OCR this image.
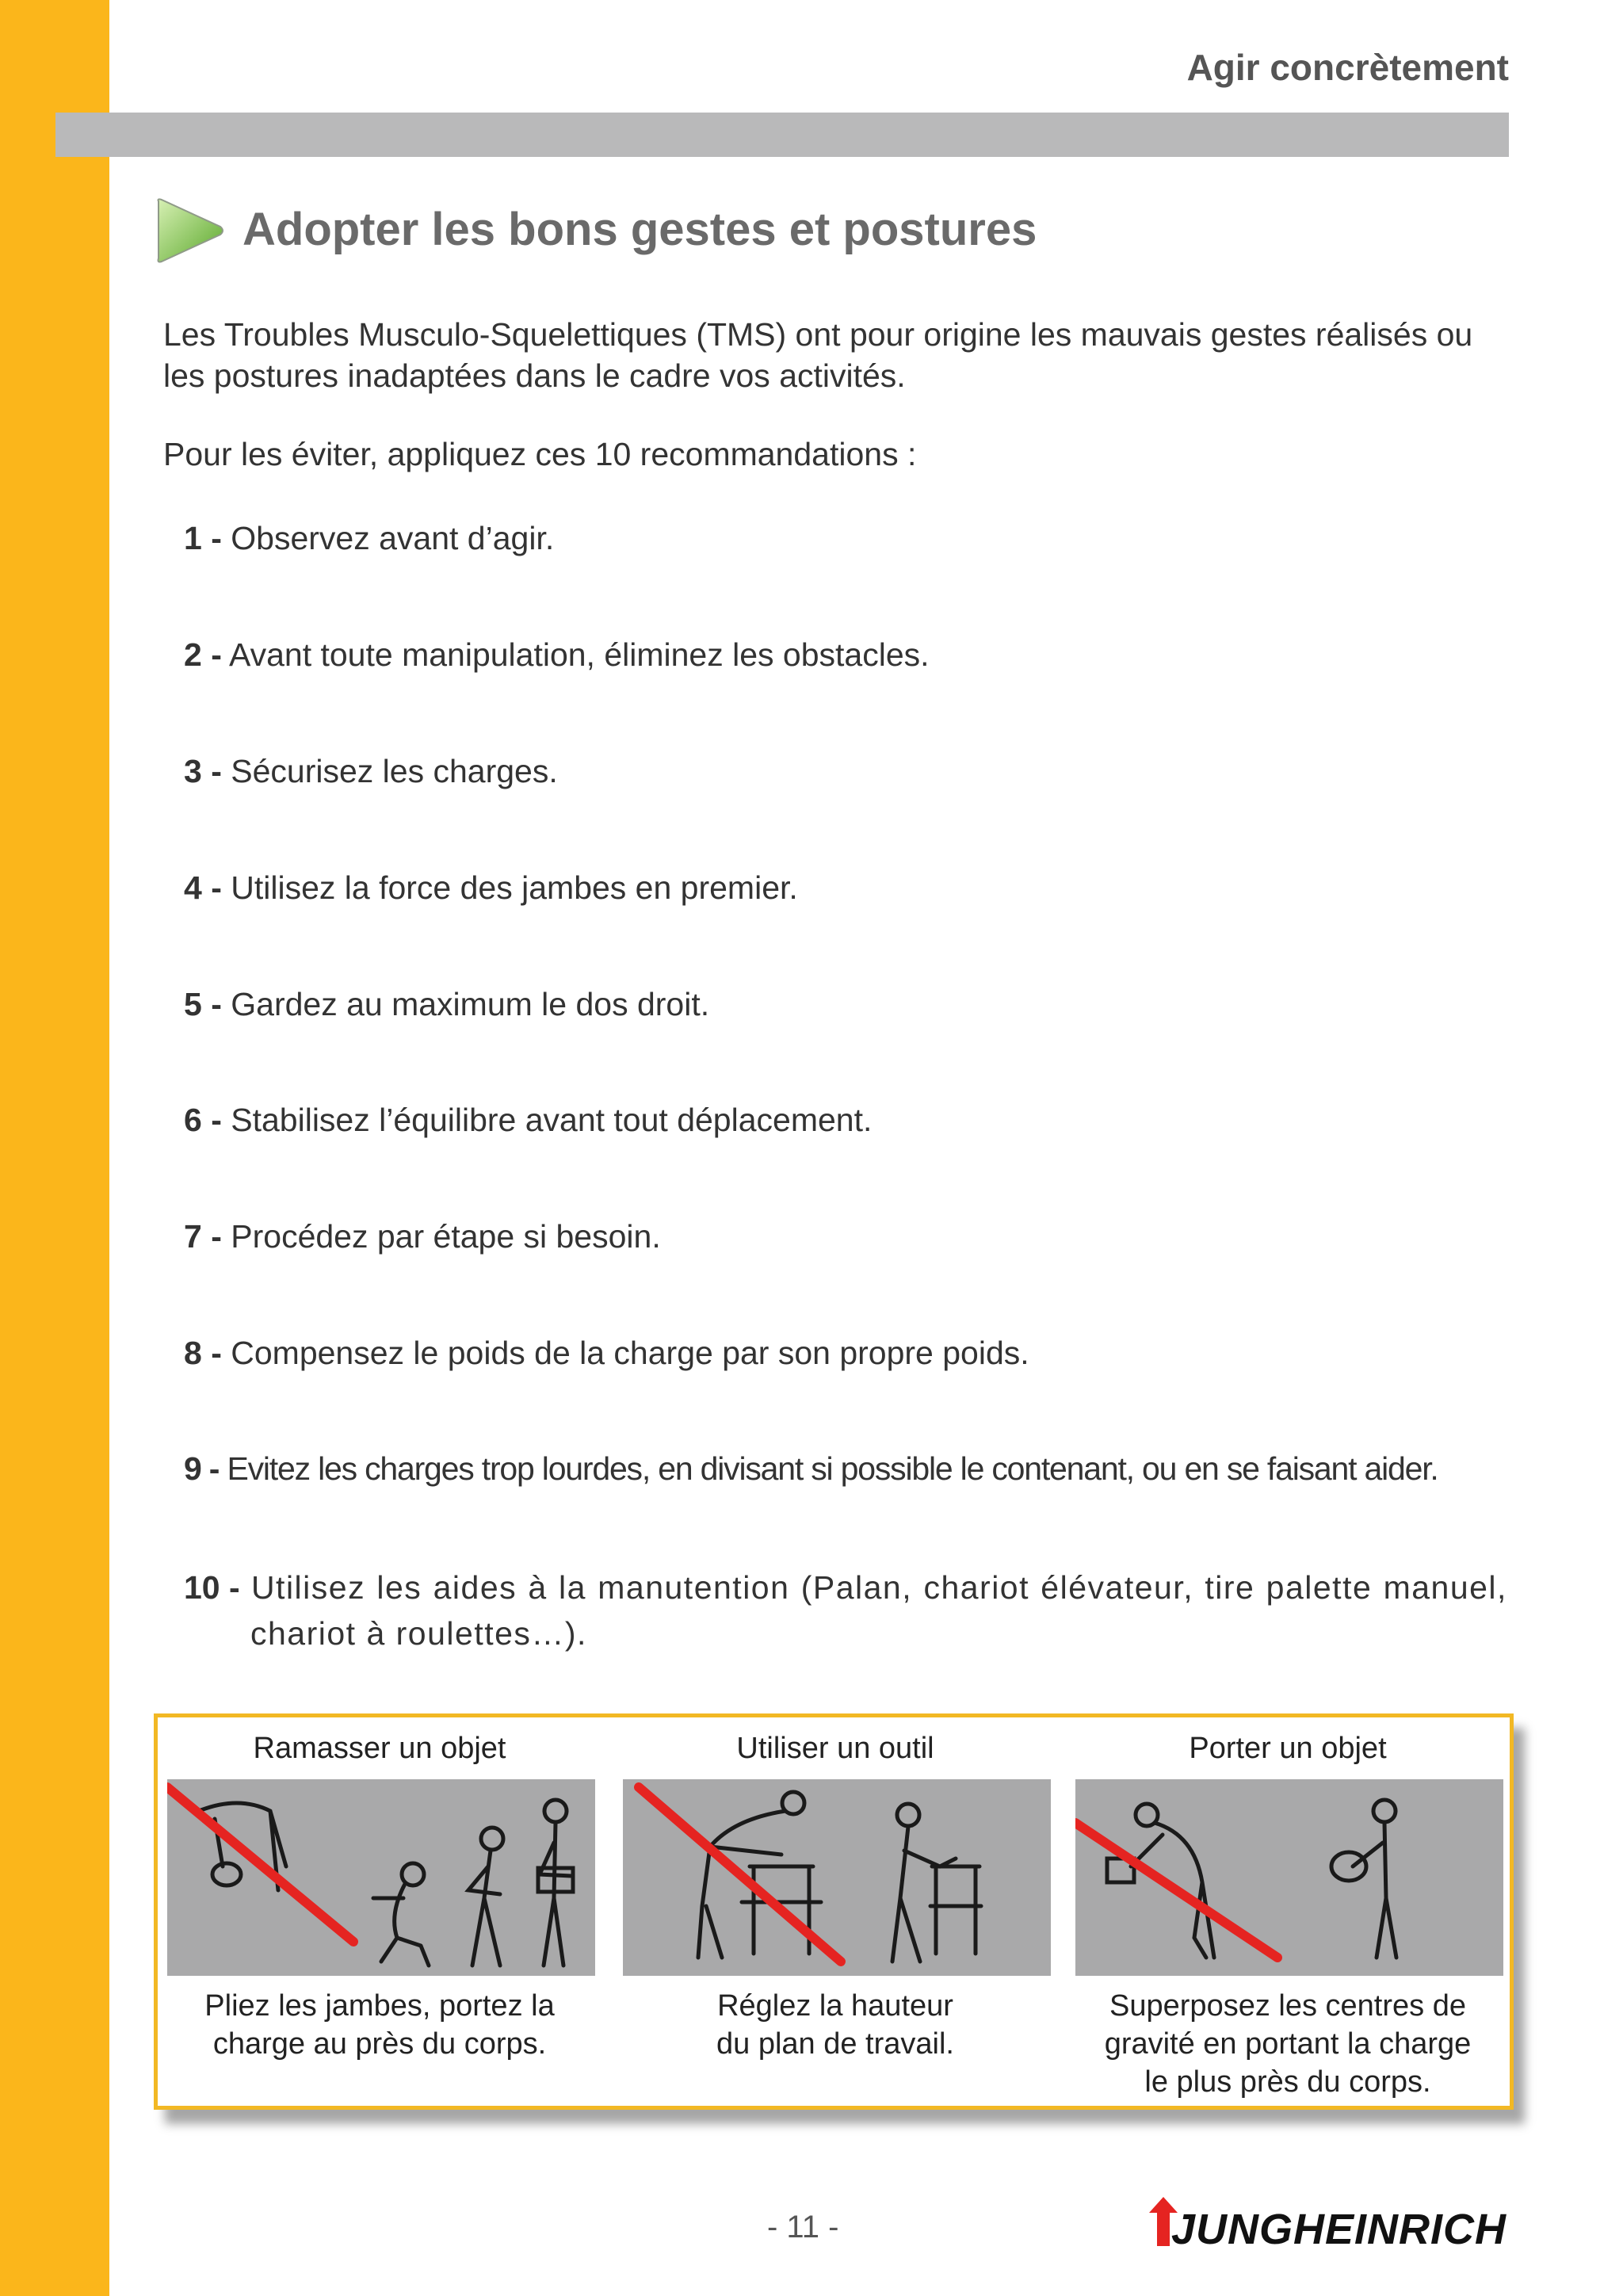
Agir concrètement
Adopter les bons gestes et postures
Les Troubles Musculo-Squelettiques (TMS) ont pour origine les mauvais gestes réalisés ou les postures inadaptées dans le cadre vos activités.
Pour les éviter, appliquez ces 10 recommandations :
1 - Observez avant d’agir.
2 - Avant toute manipulation, éliminez les obstacles.
3 - Sécurisez les charges.
4 - Utilisez la force des jambes en premier.
5 - Gardez au maximum le dos droit.
6 - Stabilisez l’équilibre avant tout déplacement.
7 - Procédez par étape si besoin.
8 - Compensez le poids de la charge par son propre poids.
9 - Evitez les charges trop lourdes, en divisant si possible le contenant, ou en se faisant aider.
10 - Utilisez les aides à la manutention (Palan, chariot élévateur, tire palette manuel,
chariot à roulettes…).
Ramasser un objet
Pliez les jambes, portez la
charge au près du corps.
Utiliser un outil
Réglez la hauteur
du plan de travail.
Porter un objet
Superposez les centres de
gravité en portant la charge
le plus près du corps.
- 11 -	JUNGHEINRICH
